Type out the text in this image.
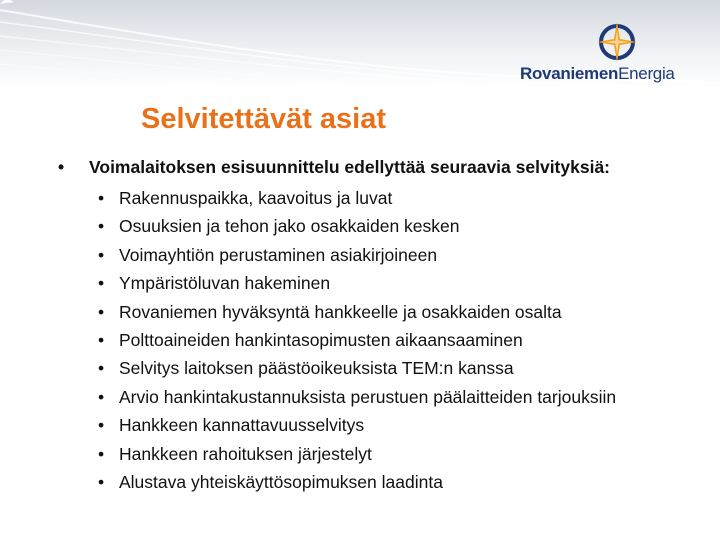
RovaniemenEnergia
Selvitettävät asiat
• Voimalaitoksen esisuunnittelu edellyttää seuraavia selvityksiä:
• Rakennuspaikka, kaavoitus ja luvat
• Osuuksien ja tehon jako osakkaiden kesken
• Voimayhtiön perustaminen asiakirjoineen
• Ympäristöluvan hakeminen
• Rovaniemen hyväksyntä hankkeelle ja osakkaiden osalta
• Polttoaineiden hankintasopimusten aikaansaaminen
• Selvitys laitoksen päästöoikeuksista TEM:n kanssa
• Arvio hankintakustannuksista perustuen päälaitteiden tarjouksiin
• Hankkeen kannattavuusselvitys
• Hankkeen rahoituksen järjestelyt
• Alustava yhteiskäyttösopimuksen laadinta
